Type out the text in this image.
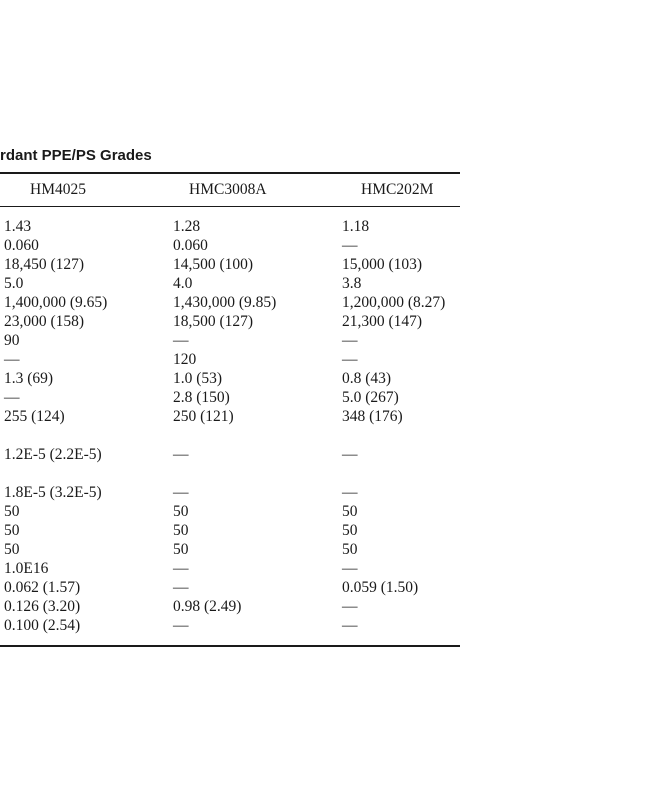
rdant PPE/PS Grades
HM4025	HMC3008A	HMC202M
1.43	1.28	1.18
0.060	0.060	—
18,450 (127)	14,500 (100)	15,000 (103)
5.0	4.0	3.8
1,400,000 (9.65)	1,430,000 (9.85)	1,200,000 (8.27)
23,000 (158)	18,500 (127)	21,300 (147)
90	—	—
—	120	—
1.3 (69)	1.0 (53)	0.8 (43)
—	2.8 (150)	5.0 (267)
255 (124)	250 (121)	348 (176)
1.2E-5 (2.2E-5)	—	—
1.8E-5 (3.2E-5)	—	—
50	50	50
50	50	50
50	50	50
1.0E16	—	—
0.062 (1.57)	—	0.059 (1.50)
0.126 (3.20)	0.98 (2.49)	—
0.100 (2.54)	—	—
